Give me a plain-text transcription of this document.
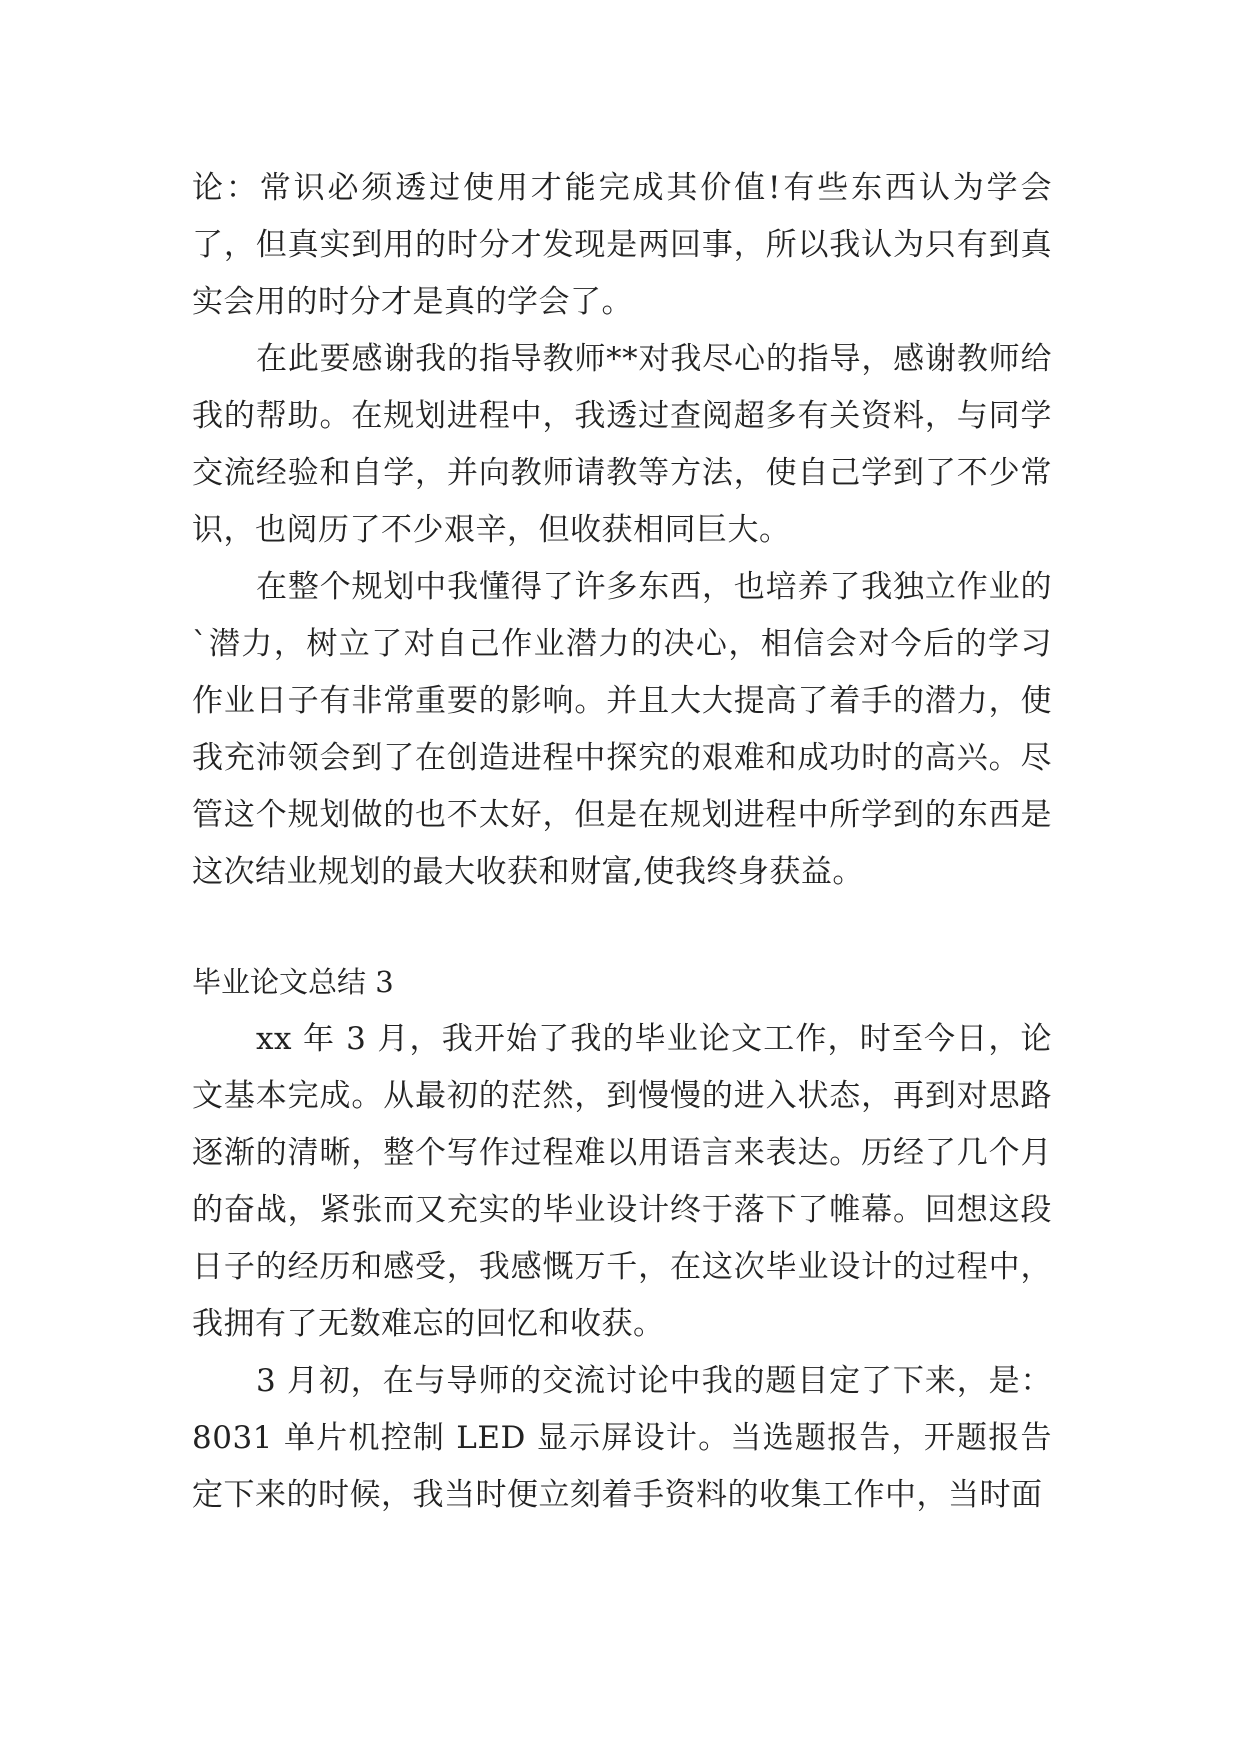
论：常识必须透过使用才能完成其价值!有些东西认为学会了，但真实到用的时分才发现是两回事，所以我认为只有到真实会用的时分才是真的学会了。

在此要感谢我的指导教师**对我尽心的指导，感谢教师给我的帮助。在规划进程中，我透过查阅超多有关资料，与同学交流经验和自学，并向教师请教等方法，使自己学到了不少常识，也阅历了不少艰辛，但收获相同巨大。

在整个规划中我懂得了许多东西，也培养了我独立作业的`潜力，树立了对自己作业潜力的决心，相信会对今后的学习作业日子有非常重要的影响。并且大大提高了着手的潜力，使我充沛领会到了在创造进程中探究的艰难和成功时的高兴。尽管这个规划做的也不太好，但是在规划进程中所学到的东西是这次结业规划的最大收获和财富,使我终身获益。

毕业论文总结 3

xx 年 3 月，我开始了我的毕业论文工作，时至今日，论文基本完成。从最初的茫然，到慢慢的进入状态，再到对思路逐渐的清晰，整个写作过程难以用语言来表达。历经了几个月的奋战，紧张而又充实的毕业设计终于落下了帷幕。回想这段日子的经历和感受，我感慨万千，在这次毕业设计的过程中，我拥有了无数难忘的回忆和收获。

3 月初，在与导师的交流讨论中我的题目定了下来，是：8031 单片机控制 LED 显示屏设计。当选题报告，开题报告定下来的时候，我当时便立刻着手资料的收集工作中，当时面
